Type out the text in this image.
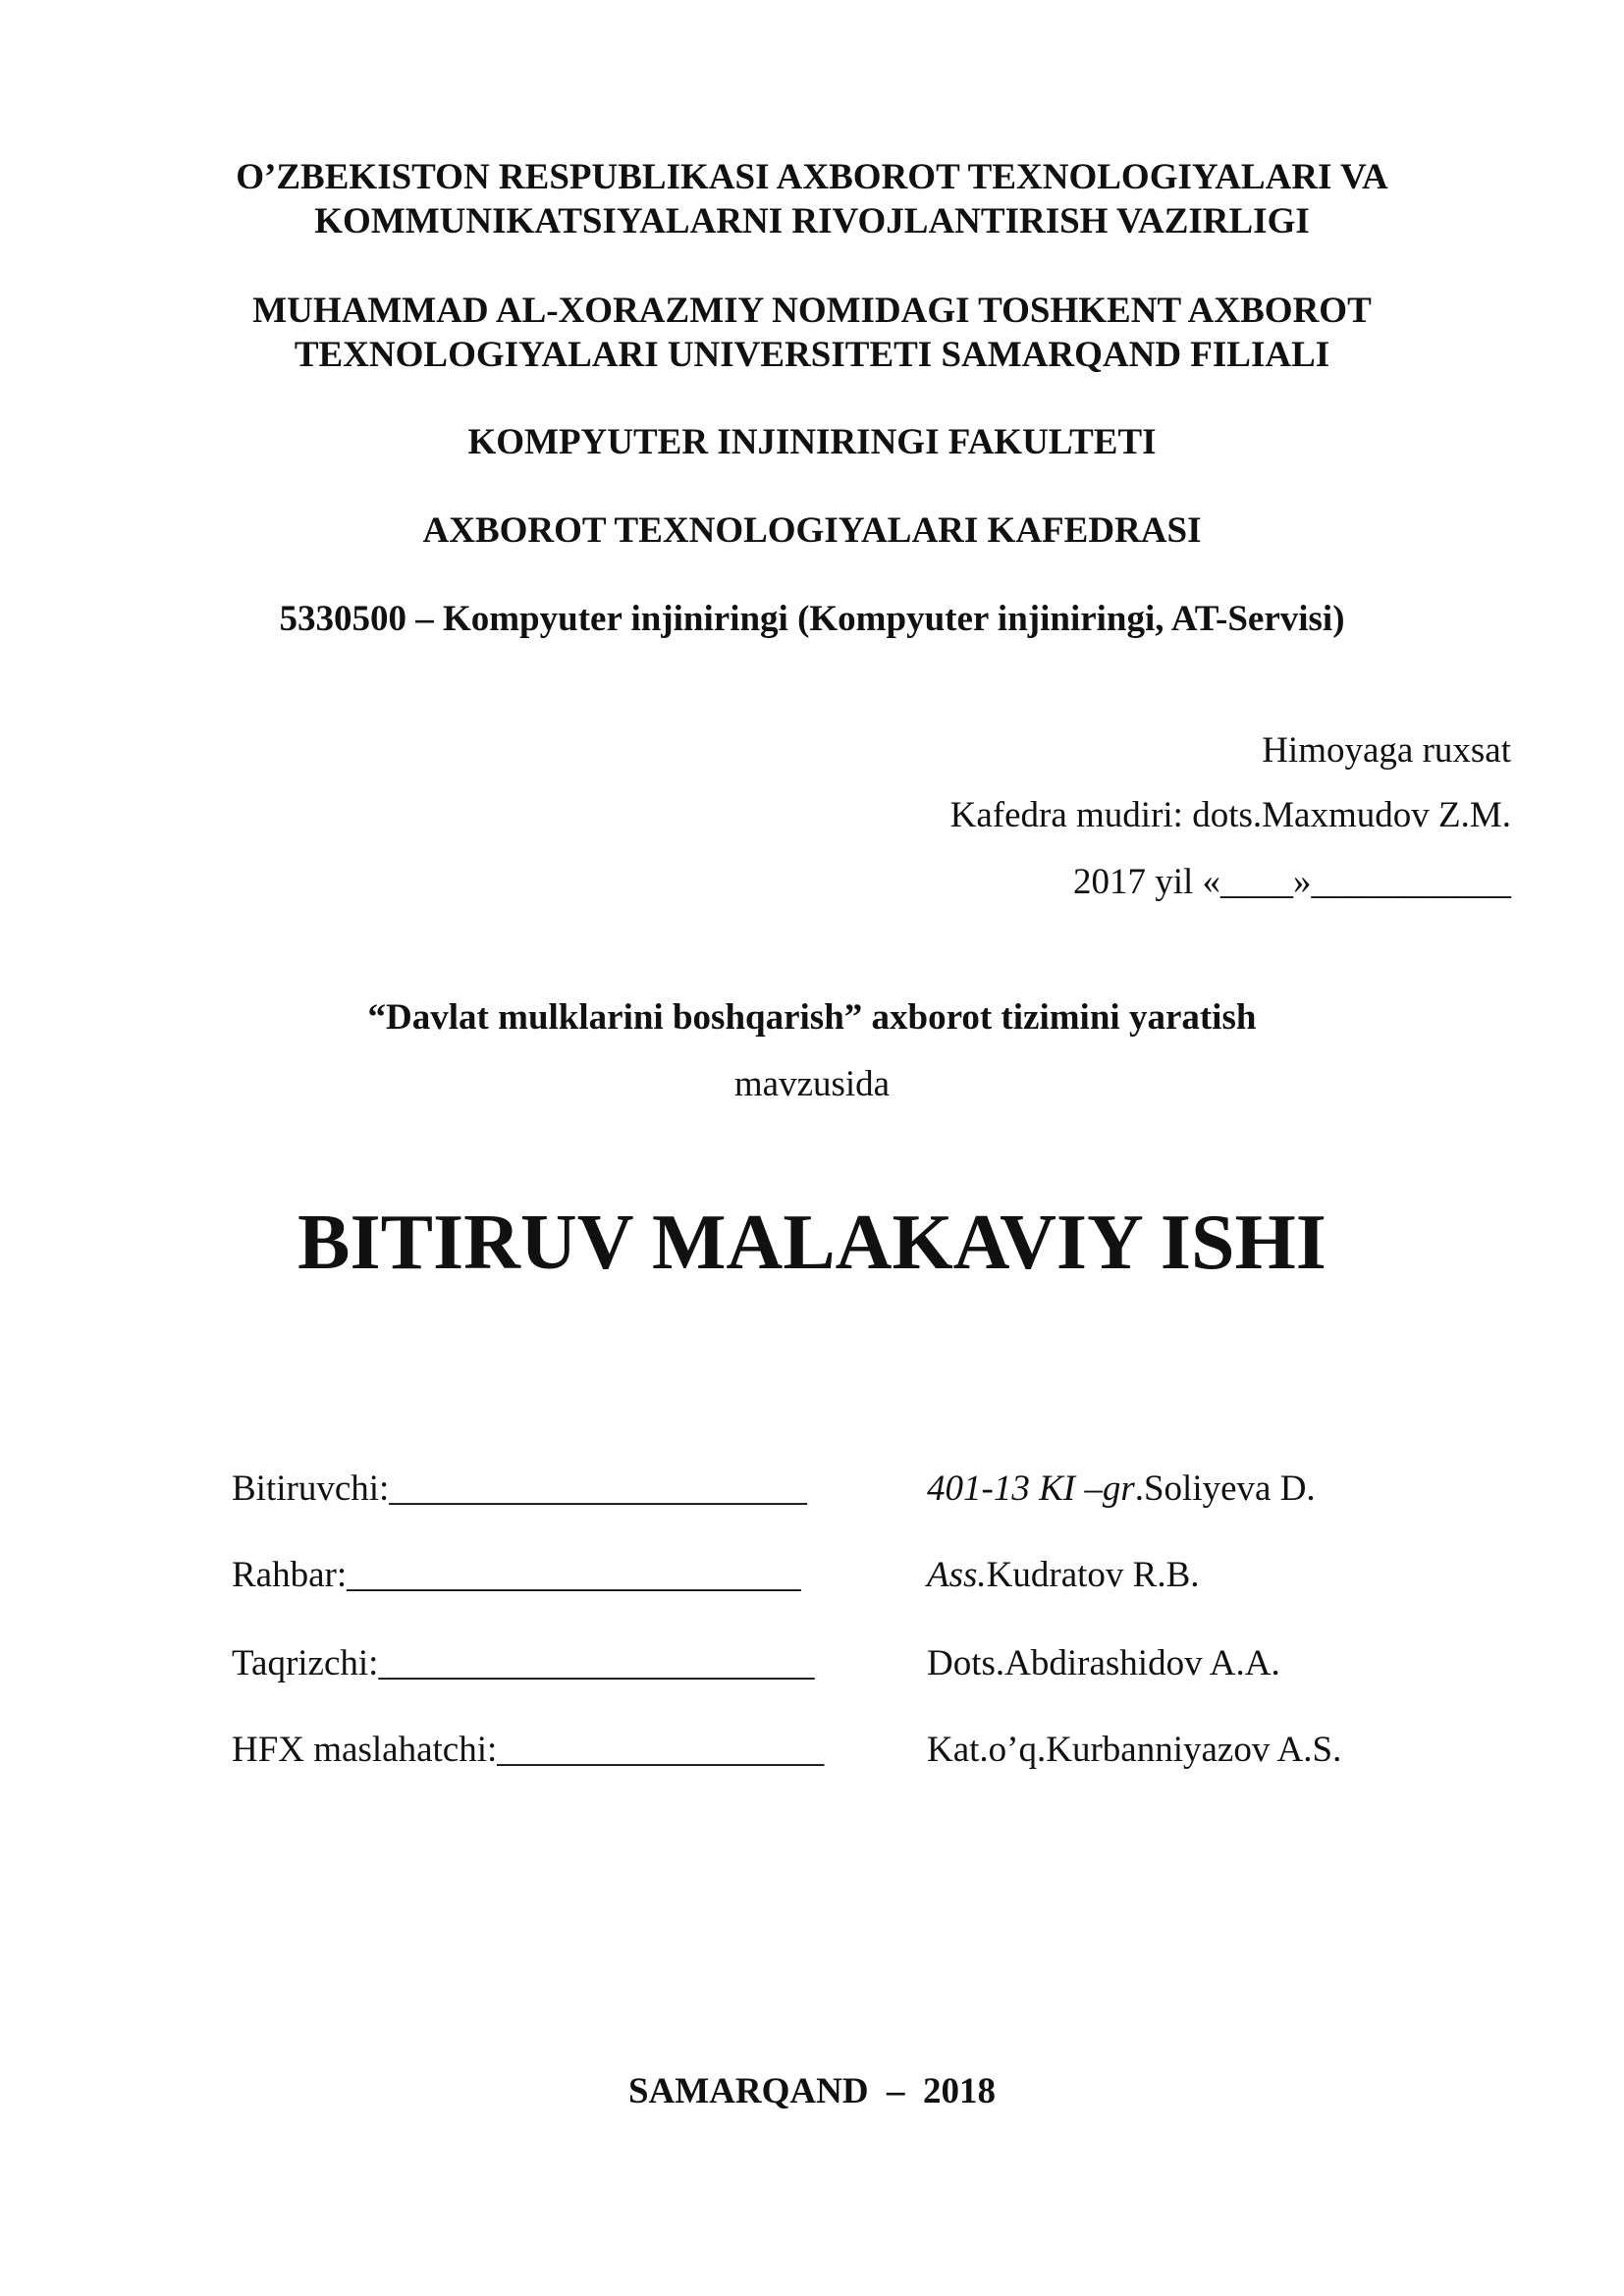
O’ZBEKISTON RESPUBLIKASI AXBOROT TEXNOLOGIYALARI VA
KOMMUNIKATSIYALARNI RIVOJLANTIRISH VAZIRLIGI
MUHAMMAD AL-XORAZMIY NOMIDAGI TOSHKENT AXBOROT
TEXNOLOGIYALARI UNIVERSITETI SAMARQAND FILIALI
KOMPYUTER INJINIRINGI FAKULTETI
AXBOROT TEXNOLOGIYALARI KAFEDRASI
5330500 – Kompyuter injiniringi (Kompyuter injiniringi, AT-Servisi)
Himoyaga ruxsat
Kafedra mudiri: dots.Maxmudov Z.M.
2017 yil «____»___________
“Davlat mulklarini boshqarish” axborot tizimini yaratish
mavzusida
BITIRUV MALAKAVIY ISHI
Bitiruvchi:_______________________	401-13 KI –gr.Soliyeva D.
Rahbar:_________________________	Ass.Kudratov R.B.
Taqrizchi:________________________	Dots.Abdirashidov A.A.
HFX maslahatchi:__________________	Kat.o’q.Kurbanniyazov A.S.
SAMARQAND  –  2018
